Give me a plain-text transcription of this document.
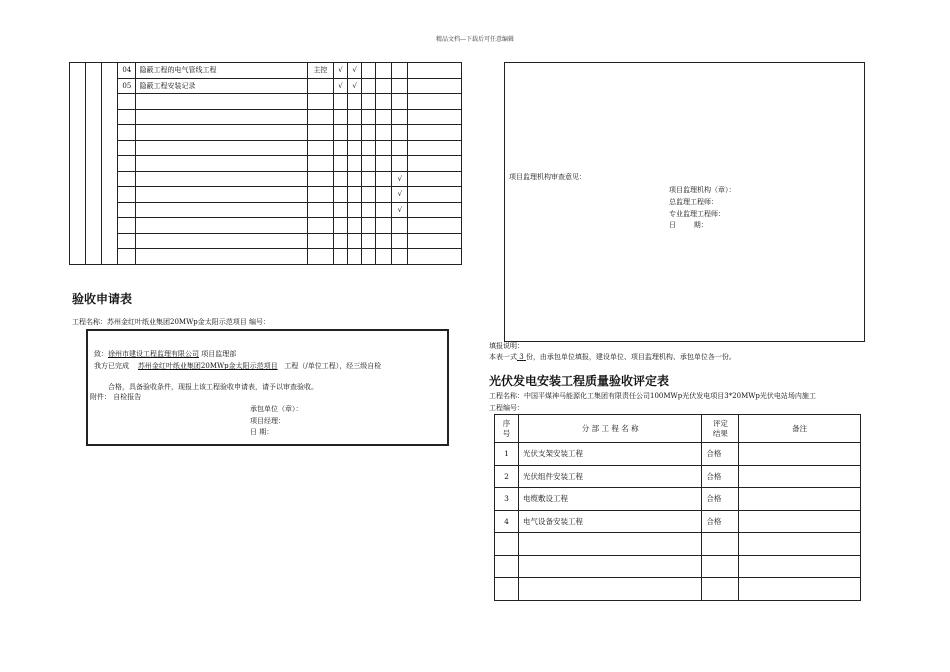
精品文档---下载后可任意编辑
			04	隐蔽工程的电气管线工程	主控	√	√				
			05	隐蔽工程安装记录		√	√				

										√	
										√	
										√	

验收申请表
工程名称：苏州金红叶纸业集团20MWp金太阳示范项目 编号：
致：徐州市建设工程监理有限公司 项目监理部
我方已完成 苏州金红叶纸业集团20MWp金太阳示范项目 工程（/单位工程），经三级自检
合格，具备验收条件，现报上该工程验收申请表，请予以审查验收。
附件： 自检报告
承包单位（章）：
项目经理：
日 期：
项目监理机构审查意见：
项目监理机构（章）：
总监理工程师：
专业监理工程师：
日        期：
填报说明：
本表一式 3 份，由承包单位填报，建设单位、项目监理机构、承包单位各一份。
光伏发电安装工程质量验收评定表
工程名称：中国平煤神马能源化工集团有限责任公司100MWp光伏发电项目3*20MWp光伏电站场内施工
工程编号：
序号	分 部 工 程 名 称	评定结果	备注
1	光伏支架安装工程	合格	
2	光伏组件安装工程	合格	
3	电缆敷设工程	合格	
4	电气设备安装工程	合格	
